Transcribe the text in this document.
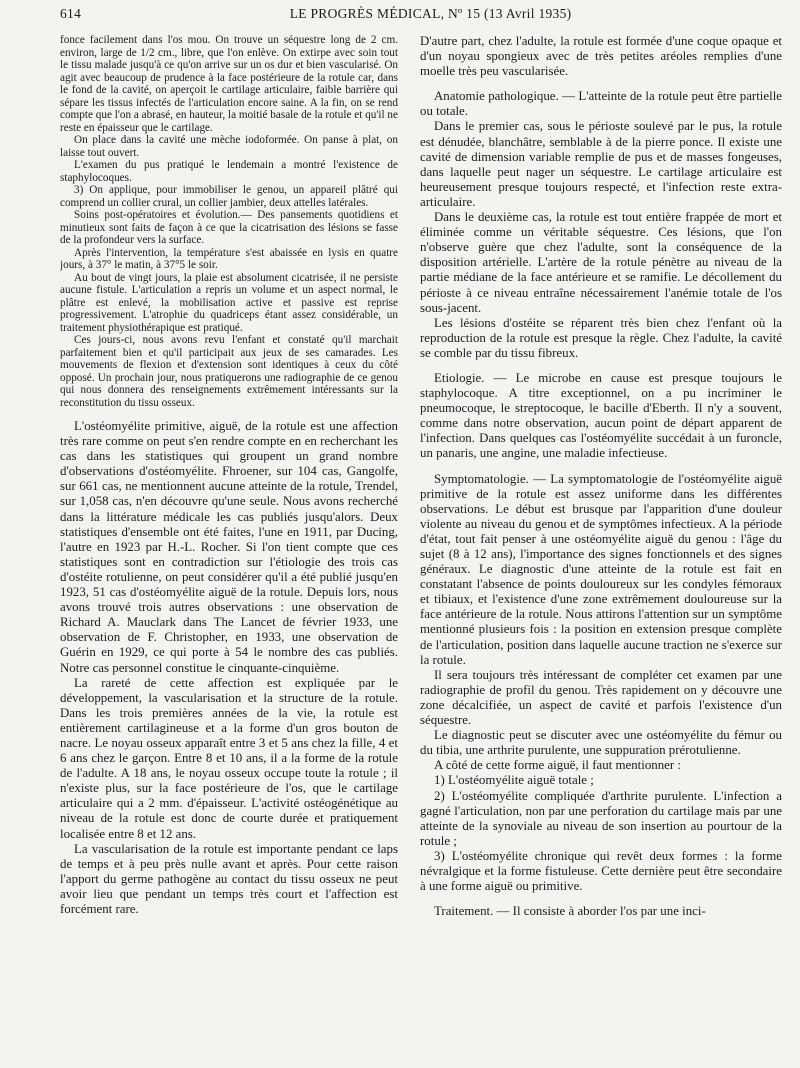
614	LE PROGRÈS MÉDICAL, Nº 15 (13 Avril 1935)

fonce facilement dans l'os mou. On trouve un séquestre long de 2 cm. environ, large de 1/2 cm., libre, que l'on enlève. On extirpe avec soin tout le tissu malade jusqu'à ce qu'on arrive sur un os dur et bien vascularisé. On agit avec beaucoup de prudence à la face postérieure de la rotule car, dans le fond de la cavité, on aperçoit le cartilage articulaire, faible barrière qui sépare les tissus infectés de l'articulation encore saine. A la fin, on se rend compte que l'on a abrasé, en hauteur, la moitié basale de la rotule et qu'il ne reste en épaisseur que le cartilage.

On place dans la cavité une mèche iodoformée. On panse à plat, on laisse tout ouvert.

L'examen du pus pratiqué le lendemain a montré l'existence de staphylocoques.

3) On applique, pour immobiliser le genou, un appareil plâtré qui comprend un collier crural, un collier jambier, deux attelles latérales.

Soins post-opératoires et évolution.— Des pansements quotidiens et minutieux sont faits de façon à ce que la cicatrisation des lésions se fasse de la profondeur vers la surface.

Après l'intervention, la température s'est abaissée en lysis en quatre jours, à 37° le matin, à 37°5 le soir.

Au bout de vingt jours, la plaie est absolument cicatrisée, il ne persiste aucune fistule. L'articulation a repris un volume et un aspect normal, le plâtre est enlevé, la mobilisation active et passive est reprise progressivement. L'atrophie du quadriceps étant assez considérable, un traitement physiothérapique est pratiqué.

Ces jours-ci, nous avons revu l'enfant et constaté qu'il marchait parfaitement bien et qu'il participait aux jeux de ses camarades. Les mouvements de flexion et d'extension sont identiques à ceux du côté opposé. Un prochain jour, nous pratiquerons une radiographie de ce genou qui nous donnera des renseignements extrêmement intéressants sur la reconstitution du tissu osseux.

L'ostéomyélite primitive, aiguë, de la rotule est une affection très rare comme on peut s'en rendre compte en en recherchant les cas dans les statistiques qui groupent un grand nombre d'observations d'ostéomyélite. Fhroener, sur 104 cas, Gangolfe, sur 661 cas, ne mentionnent aucune atteinte de la rotule, Trendel, sur 1,058 cas, n'en découvre qu'une seule. Nous avons recherché dans la littérature médicale les cas publiés jusqu'alors. Deux statistiques d'ensemble ont été faites, l'une en 1911, par Ducing, l'autre en 1923 par H.-L. Rocher. Si l'on tient compte que ces statistiques sont en contradiction sur l'étiologie des trois cas d'ostéite rotulienne, on peut considérer qu'il a été publié jusqu'en 1923, 51 cas d'ostéomyélite aiguë de la rotule. Depuis lors, nous avons trouvé trois autres observations : une observation de Richard A. Mauclark dans The Lancet de février 1933, une observation de F. Christopher, en 1933, une observation de Guérin en 1929, ce qui porte à 54 le nombre des cas publiés. Notre cas personnel constitue le cinquante-cinquième.

La rareté de cette affection est expliquée par le développement, la vascularisation et la structure de la rotule. Dans les trois premières années de la vie, la rotule est entièrement cartilagineuse et a la forme d'un gros bouton de nacre. Le noyau osseux apparaît entre 3 et 5 ans chez la fille, 4 et 6 ans chez le garçon. Entre 8 et 10 ans, il a la forme de la rotule de l'adulte. A 18 ans, le noyau osseux occupe toute la rotule ; il n'existe plus, sur la face postérieure de l'os, que le cartilage articulaire qui a 2 mm. d'épaisseur. L'activité ostéogénétique au niveau de la rotule est donc de courte durée et pratiquement localisée entre 8 et 12 ans.

La vascularisation de la rotule est importante pendant ce laps de temps et à peu près nulle avant et après. Pour cette raison l'apport du germe pathogène au contact du tissu osseux ne peut avoir lieu que pendant un temps très court et l'affection est forcément rare.

D'autre part, chez l'adulte, la rotule est formée d'une coque opaque et d'un noyau spongieux avec de très petites aréoles remplies d'une moelle très peu vascularisée.

Anatomie pathologique. — L'atteinte de la rotule peut être partielle ou totale.

Dans le premier cas, sous le périoste soulevé par le pus, la rotule est dénudée, blanchâtre, semblable à de la pierre ponce. Il existe une cavité de dimension variable remplie de pus et de masses fongeuses, dans laquelle peut nager un séquestre. Le cartilage articulaire est heureusement presque toujours respecté, et l'infection reste extra-articulaire.

Dans le deuxième cas, la rotule est tout entière frappée de mort et éliminée comme un véritable séquestre. Ces lésions, que l'on n'observe guère que chez l'adulte, sont la conséquence de la disposition artérielle. L'artère de la rotule pénètre au niveau de la partie médiane de la face antérieure et se ramifie. Le décollement du périoste à ce niveau entraîne nécessairement l'anémie totale de l'os sous-jacent.

Les lésions d'ostéite se réparent très bien chez l'enfant où la reproduction de la rotule est presque la règle. Chez l'adulte, la cavité se comble par du tissu fibreux.

Etiologie. — Le microbe en cause est presque toujours le staphylocoque. A titre exceptionnel, on a pu incriminer le pneumocoque, le streptocoque, le bacille d'Eberth. Il n'y a souvent, comme dans notre observation, aucun point de départ apparent de l'infection. Dans quelques cas l'ostéomyélite succédait à un furoncle, un panaris, une angine, une maladie infectieuse.

Symptomatologie. — La symptomatologie de l'ostéomyélite aiguë primitive de la rotule est assez uniforme dans les différentes observations. Le début est brusque par l'apparition d'une douleur violente au niveau du genou et de symptômes infectieux. A la période d'état, tout fait penser à une ostéomyélite aiguë du genou : l'âge du sujet (8 à 12 ans), l'importance des signes fonctionnels et des signes généraux. Le diagnostic d'une atteinte de la rotule est fait en constatant l'absence de points douloureux sur les condyles fémoraux et tibiaux, et l'existence d'une zone extrêmement douloureuse sur la face antérieure de la rotule. Nous attirons l'attention sur un symptôme mentionné plusieurs fois : la position en extension presque complète de l'articulation, position dans laquelle aucune traction ne s'exerce sur la rotule.

Il sera toujours très intéressant de compléter cet examen par une radiographie de profil du genou. Très rapidement on y découvre une zone décalcifiée, un aspect de cavité et parfois l'existence d'un séquestre.

Le diagnostic peut se discuter avec une ostéomyélite du fémur ou du tibia, une arthrite purulente, une suppuration prérotulienne.

A côté de cette forme aiguë, il faut mentionner :

1) L'ostéomyélite aiguë totale ;

2) L'ostéomyélite compliquée d'arthrite purulente. L'infection a gagné l'articulation, non par une perforation du cartilage mais par une atteinte de la synoviale au niveau de son insertion au pourtour de la rotule ;

3) L'ostéomyélite chronique qui revêt deux formes : la forme névralgique et la forme fistuleuse. Cette dernière peut être secondaire à une forme aiguë ou primitive.

Traitement. — Il consiste à aborder l'os par une inci-
